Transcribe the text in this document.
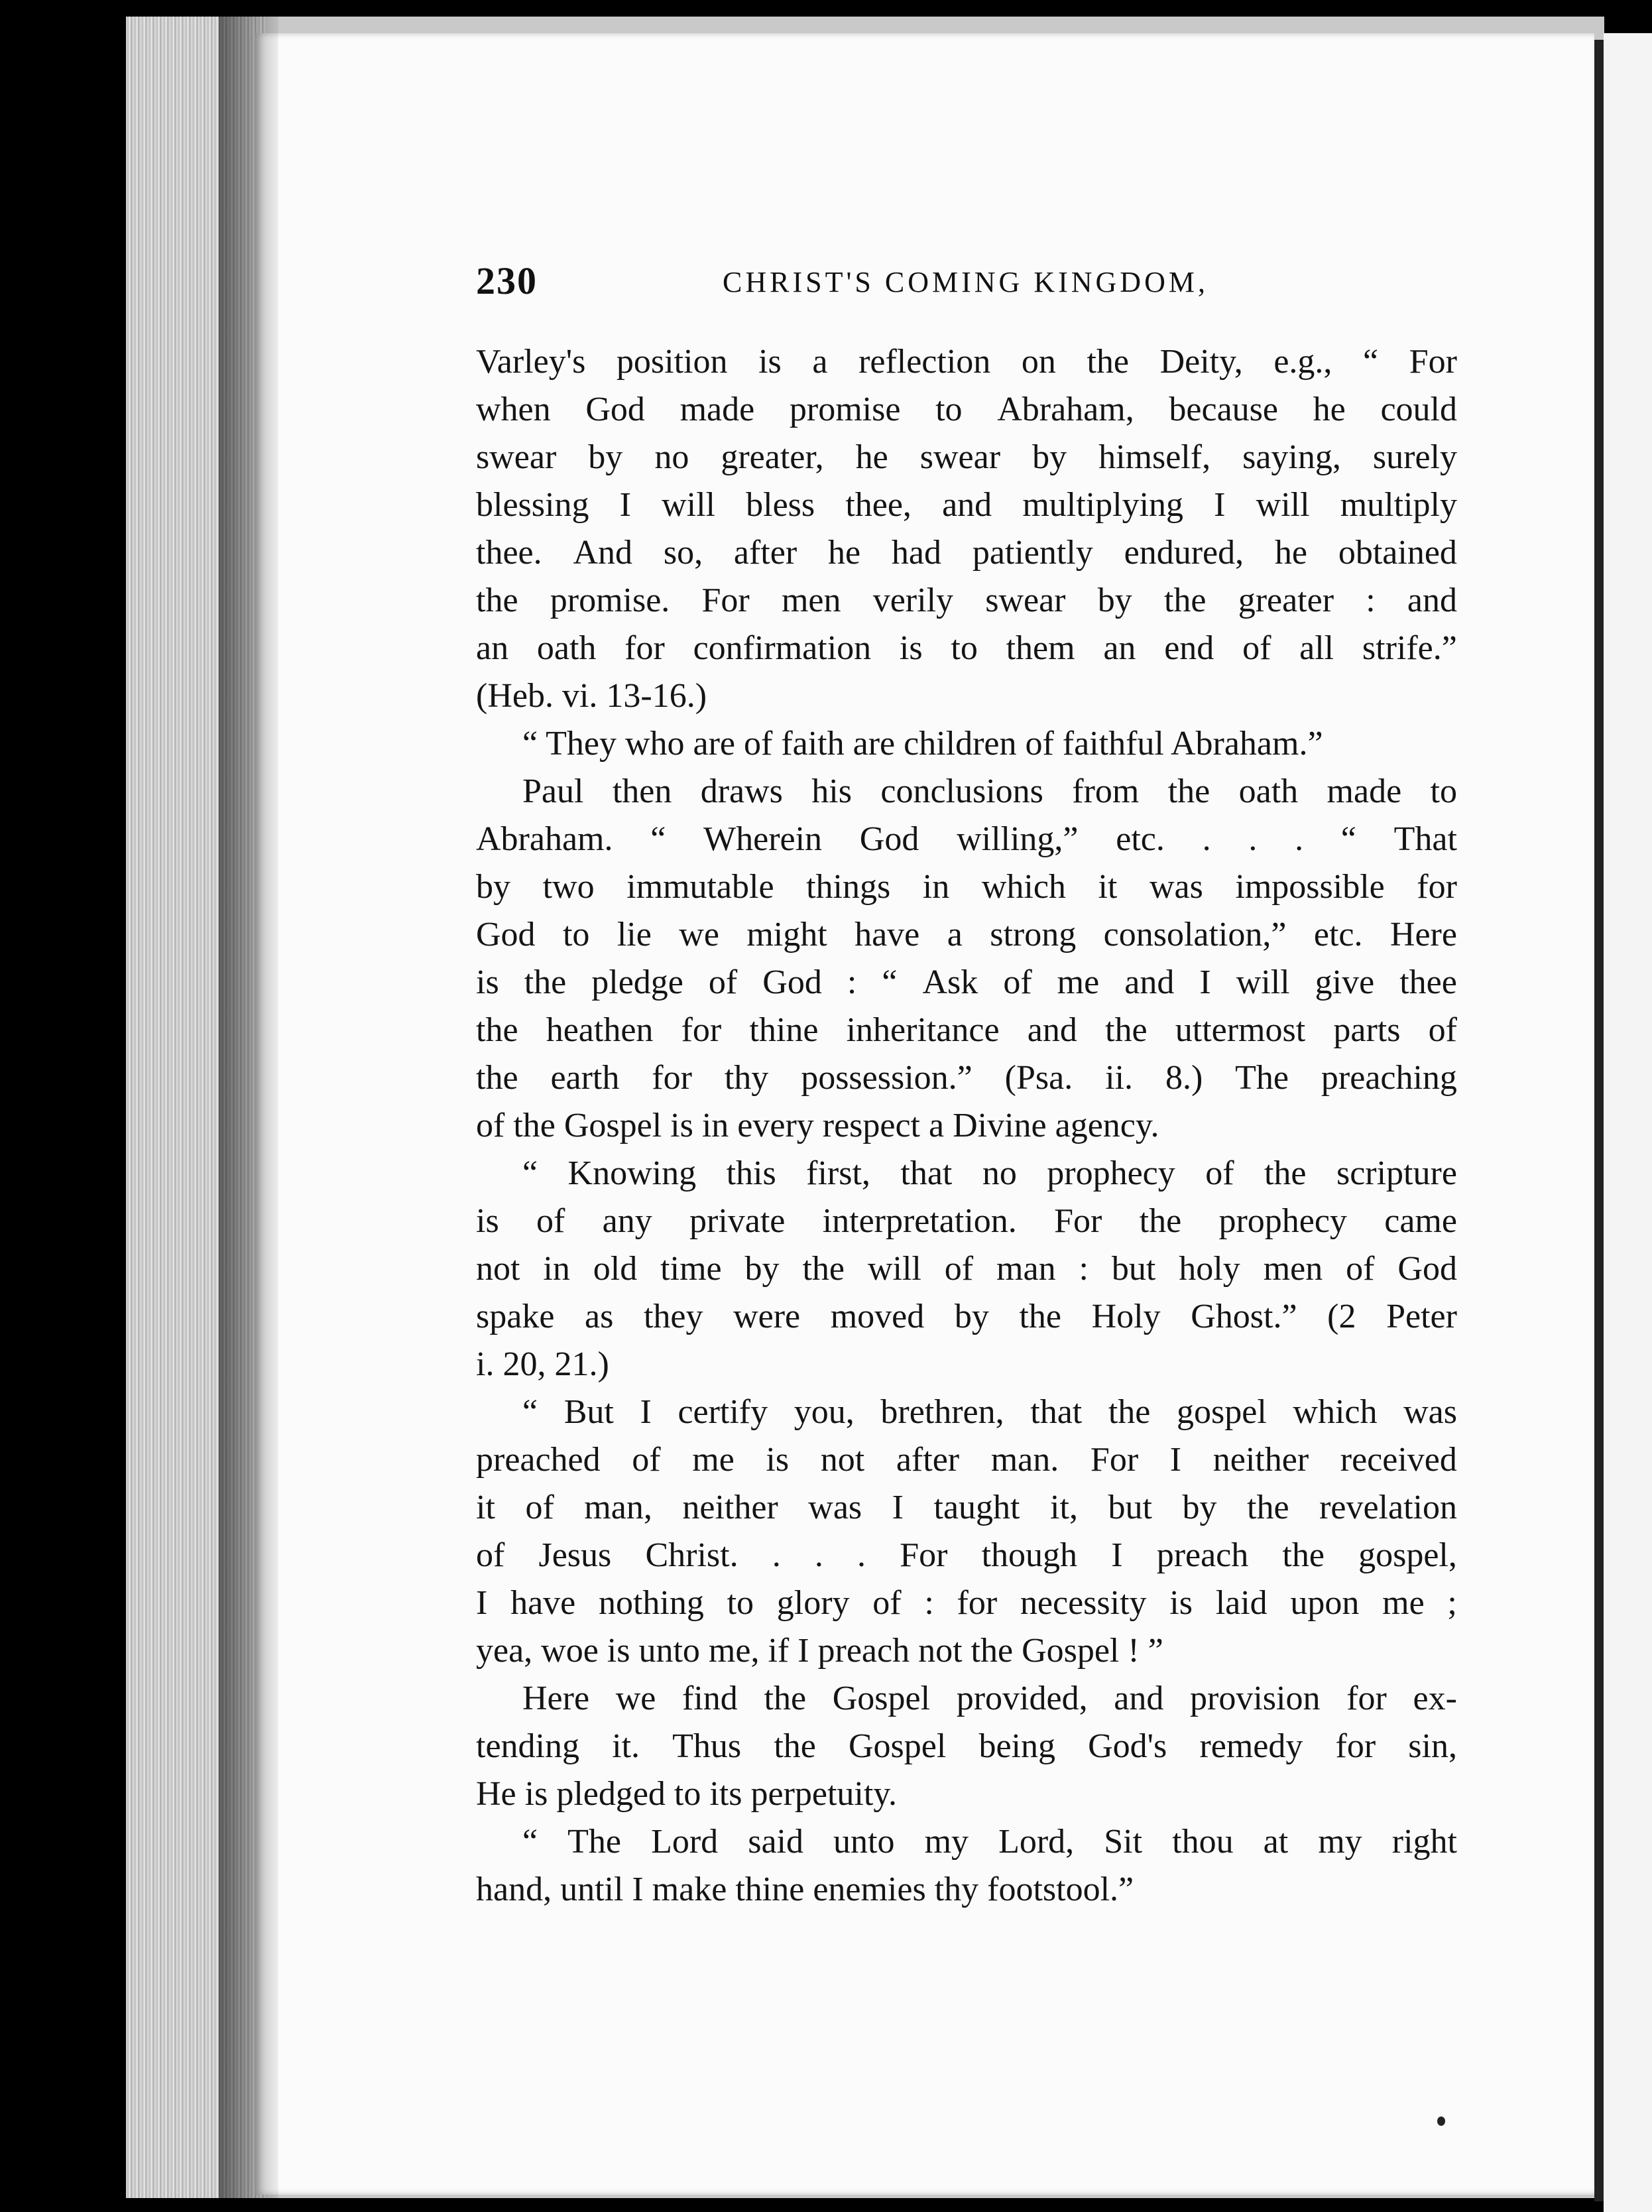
230	CHRIST'S COMING KINGDOM,
Varley's position is a reflection on the Deity, e.g., “ For
when God made promise to Abraham, because he could
swear by no greater, he swear by himself, saying, surely
blessing I will bless thee, and multiplying I will multiply
thee. And so, after he had patiently endured, he obtained
the promise. For men verily swear by the greater : and
an oath for confirmation is to them an end of all strife.”
(Heb. vi. 13-16.)
“ They who are of faith are children of faithful Abraham.”
Paul then draws his conclusions from the oath made to
Abraham. “ Wherein God willing,” etc. . . . “ That
by two immutable things in which it was impossible for
God to lie we might have a strong consolation,” etc. Here
is the pledge of God : “ Ask of me and I will give thee
the heathen for thine inheritance and the uttermost parts of
the earth for thy possession.” (Psa. ii. 8.) The preaching
of the Gospel is in every respect a Divine agency.
“ Knowing this first, that no prophecy of the scripture
is of any private interpretation. For the prophecy came
not in old time by the will of man : but holy men of God
spake as they were moved by the Holy Ghost.” (2 Peter
i. 20, 21.)
“ But I certify you, brethren, that the gospel which was
preached of me is not after man. For I neither received
it of man, neither was I taught it, but by the revelation
of Jesus Christ. . . . For though I preach the gospel,
I have nothing to glory of : for necessity is laid upon me ;
yea, woe is unto me, if I preach not the Gospel ! ”
Here we find the Gospel provided, and provision for ex-
tending it. Thus the Gospel being God's remedy for sin,
He is pledged to its perpetuity.
“ The Lord said unto my Lord, Sit thou at my right
hand, until I make thine enemies thy footstool.”
